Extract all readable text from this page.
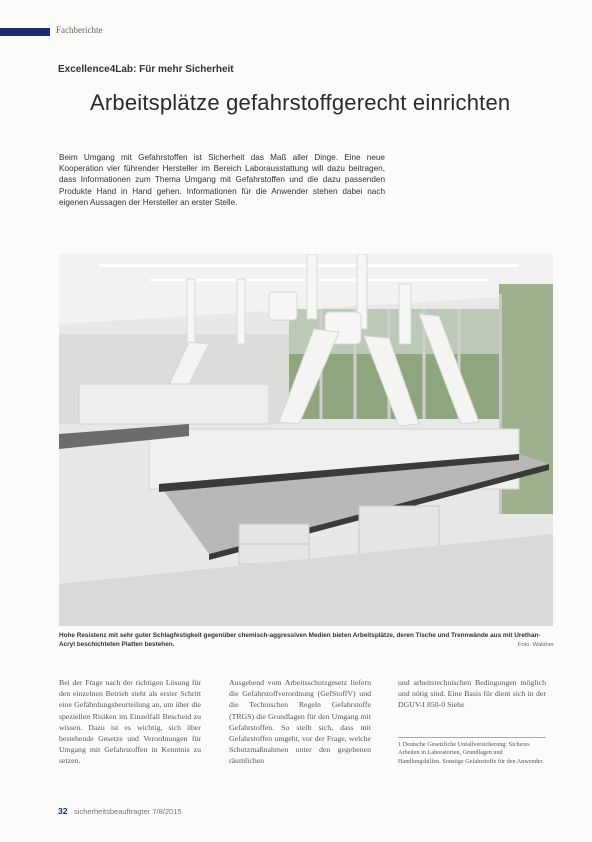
Fachberichte
Excellence4Lab: Für mehr Sicherheit
Arbeitsplätze gefahrstoffgerecht einrichten
Beim Umgang mit Gefahrstoffen ist Sicherheit das Maß aller Dinge. Eine neue Kooperation vier führender Hersteller im Bereich Laborausstattung will dazu beitragen, dass Informationen zum Thema Umgang mit Gefahrstoffen und die dazu passenden Produkte Hand in Hand gehen. Informationen für die Anwender stehen dabei nach eigenen Aussagen der Hersteller an erster Stelle.
Hohe Resistenz mit sehr guter Schlagfestigkeit gegenüber chemisch-aggressiven Medien bieten Arbeitsplätze, deren Tische und Trennwände aus mit Urethan-Acryl beschichteten Platten bestehen.	Foto: Waldner
Bei der Frage nach der richtigen Lösung für den einzelnen Betrieb steht als erster Schritt eine Gefährdungsbeurteilung an, um über die speziellen Risiken im Einzelfall Bescheid zu wissen. Dazu ist es wichtig, sich über bestehende Gesetze und Verordnungen für Umgang mit Gefahrstoffen in Kenntnis zu setzen.
Ausgehend vom Arbeitsschutzgesetz liefern die Gefahrstoffverordnung (GefStoffV) und die Technischen Regeln Gefahrstoffe (TRGS) die Grundlagen für den Umgang mit Gefahrstoffen. So stellt sich, dass mit Gefahrstoffen umgeht, vor der Frage, welche Schutzmaßnahmen unter den gegebenen räumlichen
und arbeitstechnischen Bedingungen möglich und nötig sind. Eine Basis für dient sich in der DGUV-I 850-0 Siehe
1 Deutsche Gesetzliche Unfallversicherung: Sicheres Arbeiten in Laboratorien, Grundlagen und Handlungshilfen. Sonstige Gefahrstoffe für den Anwender.
32 sicherheitsbeauftragter 7/8/2015
